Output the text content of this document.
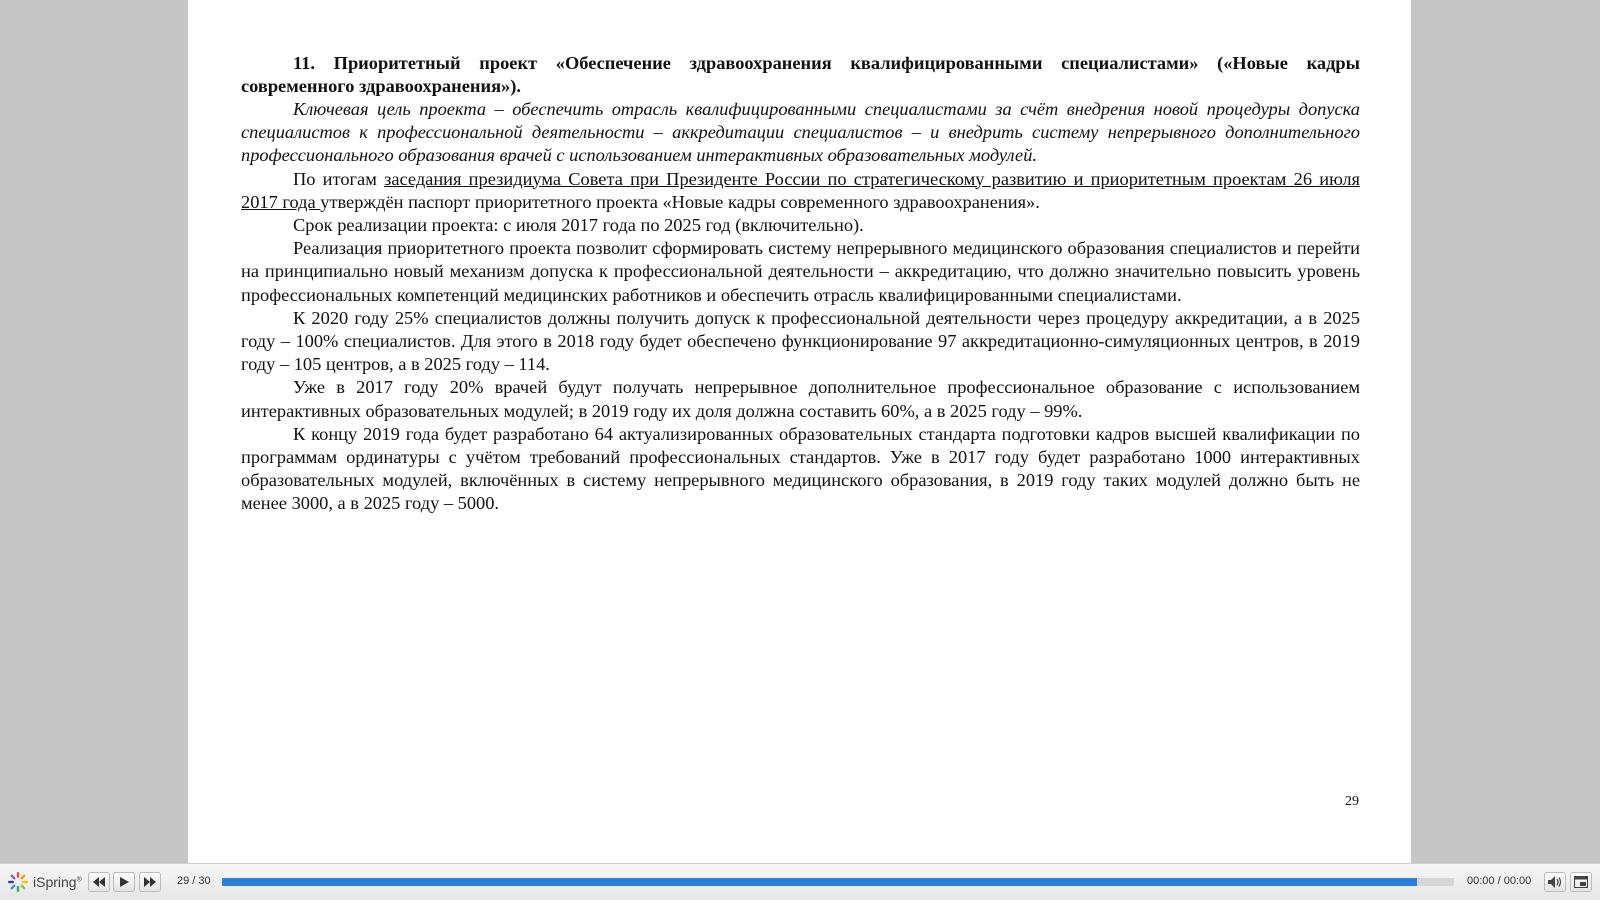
11. Приоритетный проект «Обеспечение здравоохранения квалифицированными специалистами» («Новые кадры современного здравоохранения»).

Ключевая цель проекта – обеспечить отрасль квалифицированными специалистами за счёт внедрения новой процедуры допуска специалистов к профессиональной деятельности – аккредитации специалистов – и внедрить систему непрерывного дополнительного профессионального образования врачей с использованием интерактивных образовательных модулей.

По итогам заседания президиума Совета при Президенте России по стратегическому развитию и приоритетным проектам 26 июля 2017 года утверждён паспорт приоритетного проекта «Новые кадры современного здравоохранения».

Срок реализации проекта: с июля 2017 года по 2025 год (включительно).

Реализация приоритетного проекта позволит сформировать систему непрерывного медицинского образования специалистов и перейти на принципиально новый механизм допуска к профессиональной деятельности – аккредитацию, что должно значительно повысить уровень профессиональных компетенций медицинских работников и обеспечить отрасль квалифицированными специалистами.

К 2020 году 25% специалистов должны получить допуск к профессиональной деятельности через процедуру аккредитации, а в 2025 году – 100% специалистов. Для этого в 2018 году будет обеспечено функционирование 97 аккредитационно-симуляционных центров, в 2019 году – 105 центров, а в 2025 году – 114.

Уже в 2017 году 20% врачей будут получать непрерывное дополнительное профессиональное образование с использованием интерактивных образовательных модулей; в 2019 году их доля должна составить 60%, а в 2025 году – 99%.

К концу 2019 года будет разработано 64 актуализированных образовательных стандарта подготовки кадров высшей квалификации по программам ординатуры с учётом требований профессиональных стандартов. Уже в 2017 году будет разработано 1000 интерактивных образовательных модулей, включённых в систему непрерывного медицинского образования, в 2019 году таких модулей должно быть не менее 3000, а в 2025 году – 5000.

29
iSpring®	29 / 30	00:00 / 00:00
